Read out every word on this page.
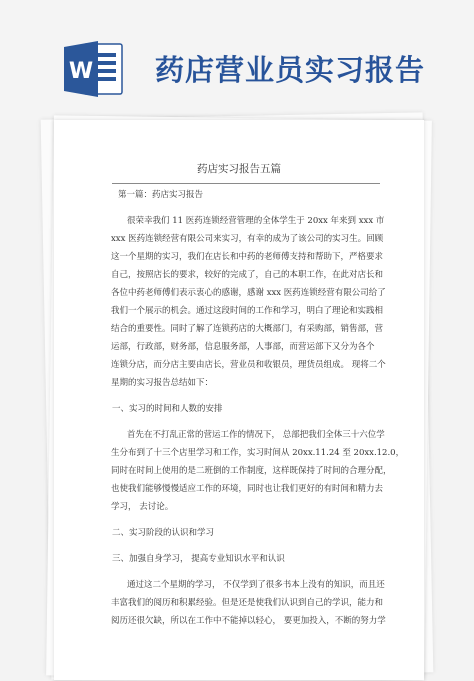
W 药店营业员实习报告
药店实习报告五篇
第一篇：药店实习报告
很荣幸我们 11 医药连锁经营管理的全体学生于 20xx 年来到 xxx 市
xxx 医药连锁经营有限公司来实习，有幸的成为了该公司的实习生。回顾
这一个星期的实习，我们在店长和中药的老师傅支持和帮助下，严格要求
自己，按照店长的要求，较好的完成了，自己的本职工作，在此对店长和
各位中药老师傅们表示衷心的感谢，感谢 xxx 医药连锁经营有限公司给了
我们一个展示的机会。通过这段时间的工作和学习，明白了理论和实践相
结合的重要性。同时了解了连锁药店的大概部门，有采购部，销售部，营
运部，行政部，财务部，信息服务部，人事部，而营运部下又分为各个
连锁分店，而分店主要由店长，营业员和收银员，理货员组成。 现将二个
星期的实习报告总结如下：
一、实习的时间和人数的安排
首先在不打乱正常的营运工作的情况下， 总部把我们全体三十六位学
生分布到了十三个店里学习和工作，实习时间从 20xx.11.24 至 20xx.12.0，
同时在时间上使用的是二班倒的工作制度，这样既保持了时间的合理分配，
也使我们能够慢慢适应工作的环境，同时也让我们更好的有时间和精力去
学习， 去讨论。
二、实习阶段的认识和学习
三、加强自身学习， 提高专业知识水平和认识
通过这二个星期的学习， 不仅学到了很多书本上没有的知识，而且还
丰富我们的阅历和积累经验。但是还是使我们认识到自己的学识，能力和
阅历还很欠缺，所以在工作中不能掉以轻心， 要更加投入，不断的努力学
